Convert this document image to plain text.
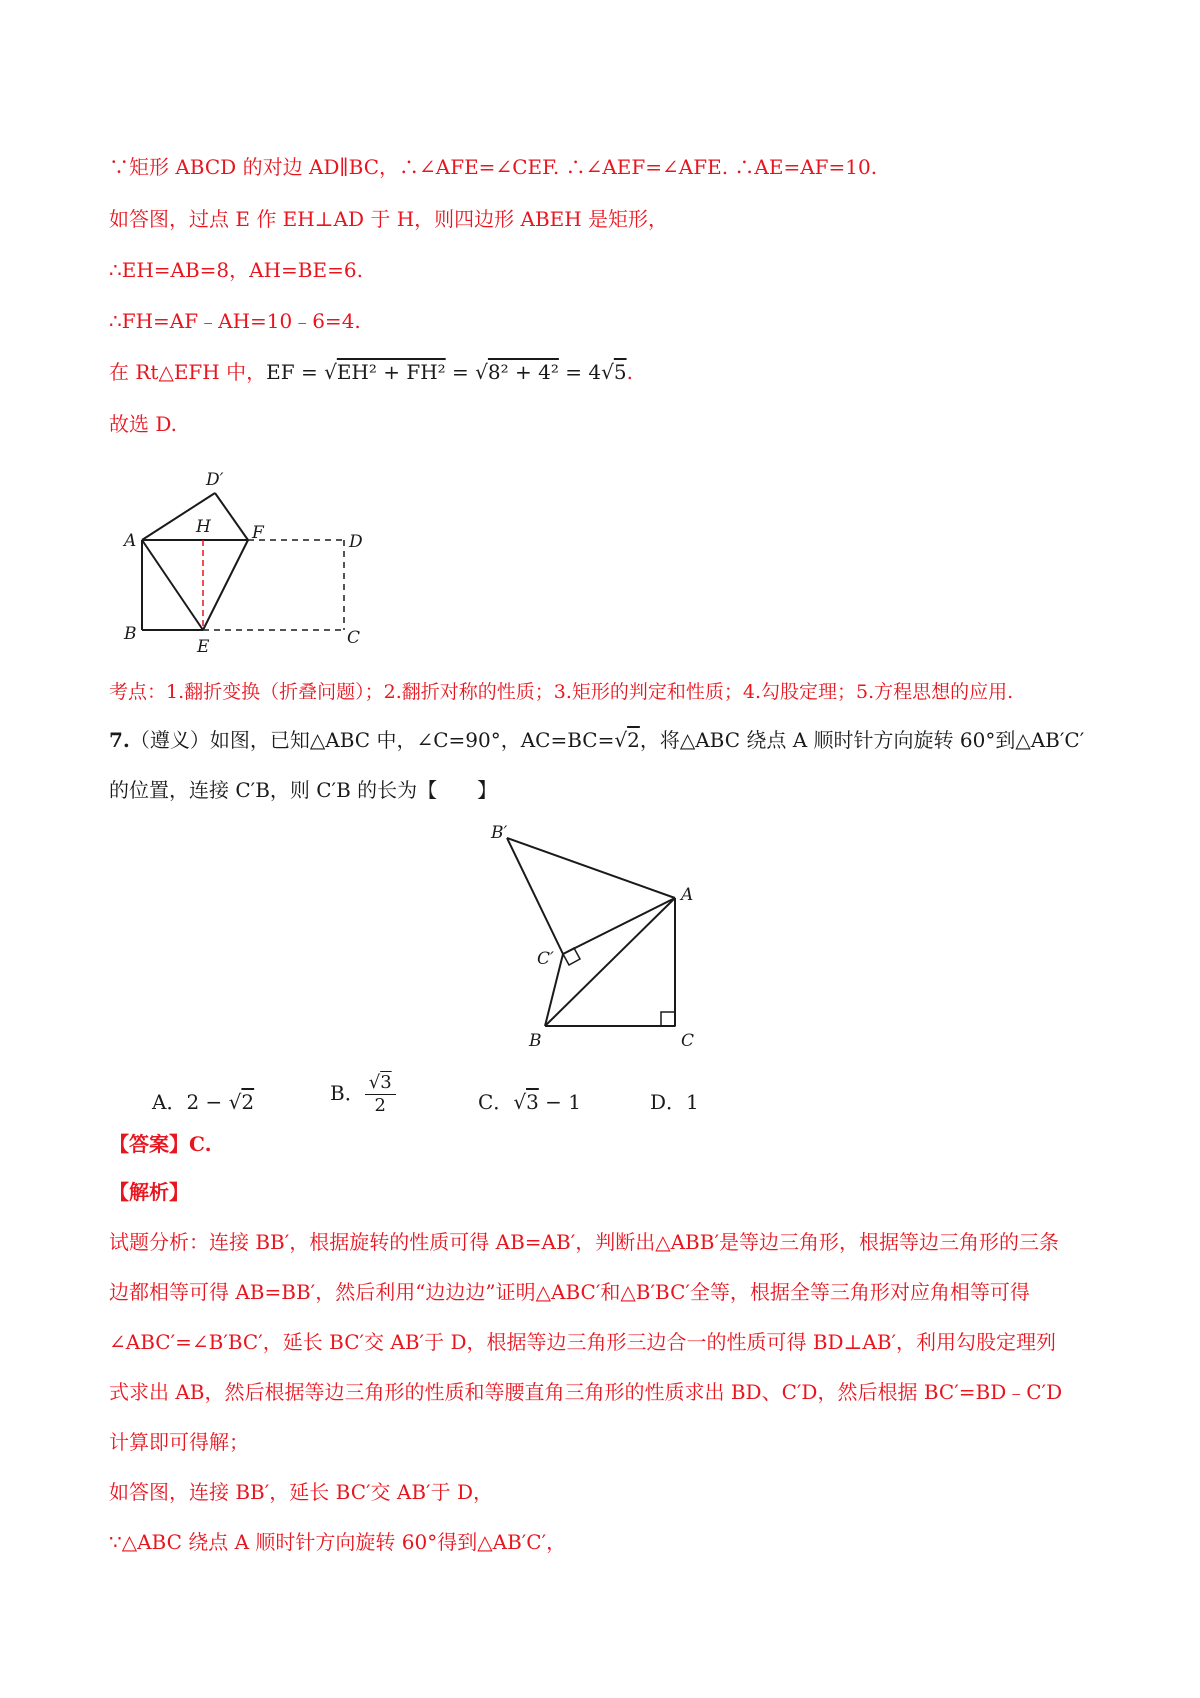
∵矩形 ABCD 的对边 AD∥BC，∴∠AFE=∠CEF. ∴∠AEF=∠AFE. ∴AE=AF=10.
如答图，过点 E 作 EH⊥AD 于 H，则四边形 ABEH 是矩形，
∴EH=AB=8，AH=BE=6.
∴FH=AF﹣AH=10﹣6=4.
在 Rt△EFH 中，EF = √EH² + FH² = √8² + 4² = 4√5.
故选 D.
A
B	C
D
E
F
H
D′
考点：1.翻折变换（折叠问题）；2.翻折对称的性质；3.矩形的判定和性质；4.勾股定理；5.方程思想的应用.
7.（遵义）如图，已知△ABC 中，∠C=90°，AC=BC=√2，将△ABC 绕点 A 顺时针方向旋转 60°到△AB′C′
的位置，连接 C′B，则 C′B 的长为【　　】
B′
A
C′
B	C
A．2 − √2	B． $\frac{√3}{2}$	C．√3 − 1	D．1
【答案】C.
【解析】
试题分析：连接 BB′，根据旋转的性质可得 AB=AB′，判断出△ABB′是等边三角形，根据等边三角形的三条
边都相等可得 AB=BB′，然后利用“边边边”证明△ABC′和△B′BC′全等，根据全等三角形对应角相等可得
∠ABC′=∠B′BC′，延长 BC′交 AB′于 D，根据等边三角形三边合一的性质可得 BD⊥AB′，利用勾股定理列
式求出 AB，然后根据等边三角形的性质和等腰直角三角形的性质求出 BD、C′D，然后根据 BC′=BD﹣C′D
计算即可得解；
如答图，连接 BB′，延长 BC′交 AB′于 D，
∵△ABC 绕点 A 顺时针方向旋转 60°得到△AB′C′，
